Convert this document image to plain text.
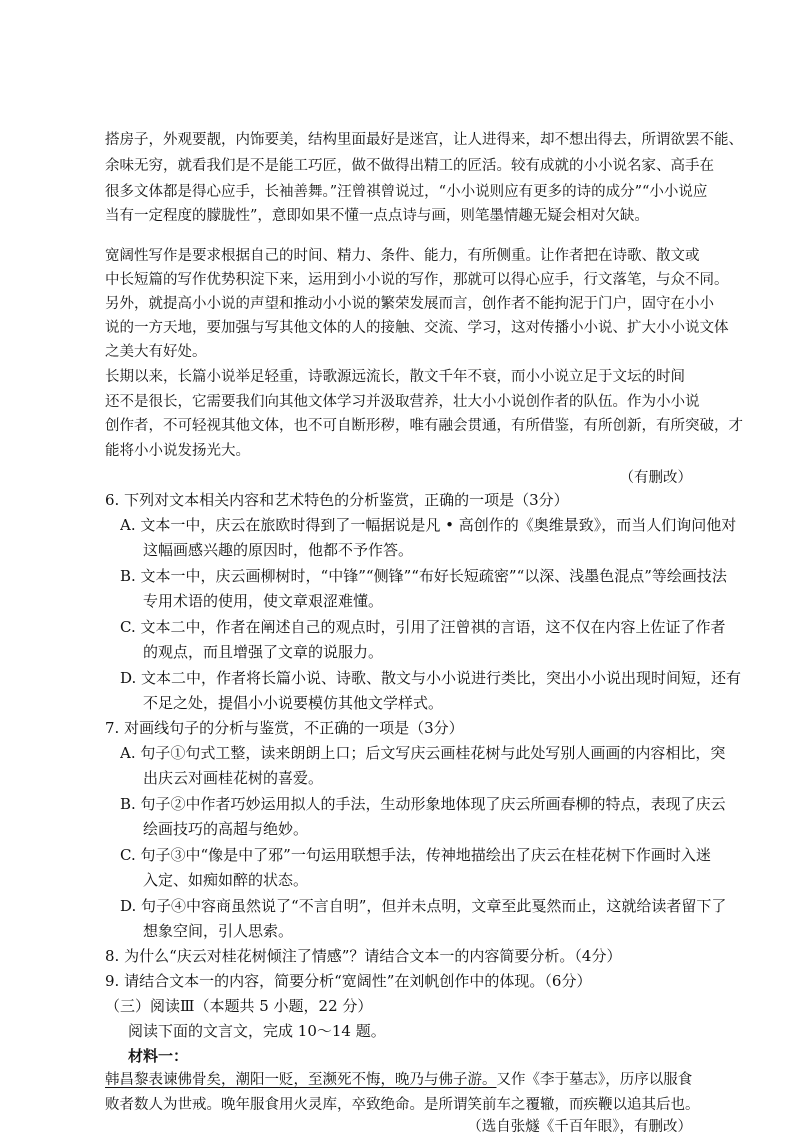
搭房子，外观要靓，内饰要美，结构里面最好是迷宫，让人进得来，却不想出得去，所谓欲罢不能、
余味无穷，就看我们是不是能工巧匠，做不做得出精工的匠活。较有成就的小小说名家、高手在
很多文体都是得心应手，长袖善舞。”汪曾祺曾说过，“小小说则应有更多的诗的成分”“小小说应
当有一定程度的朦胧性”，意即如果不懂一点点诗与画，则笔墨情趣无疑会相对欠缺。
宽阔性写作是要求根据自己的时间、精力、条件、能力，有所侧重。让作者把在诗歌、散文或
中长短篇的写作优势积淀下来，运用到小小说的写作，那就可以得心应手，行文落笔，与众不同。
另外，就提高小小说的声望和推动小小说的繁荣发展而言，创作者不能拘泥于门户，固守在小小
说的一方天地，要加强与写其他文体的人的接触、交流、学习，这对传播小小说、扩大小小说文体
之美大有好处。
长期以来，长篇小说举足轻重，诗歌源远流长，散文千年不衰，而小小说立足于文坛的时间
还不是很长，它需要我们向其他文体学习并汲取营养，壮大小小说创作者的队伍。作为小小说
创作者，不可轻视其他文体，也不可自断形秽，唯有融会贯通，有所借鉴，有所创新，有所突破，才
能将小小说发扬光大。
（有删改）
6. 下列对文本相关内容和艺术特色的分析鉴赏，正确的一项是（3分）
A. 文本一中，庆云在旅欧时得到了一幅据说是凡 • 高创作的《奥维景致》，而当人们询问他对
这幅画感兴趣的原因时，他都不予作答。
B. 文本一中，庆云画柳树时，“中锋”“侧锋”“布好长短疏密”“以深、浅墨色混点”等绘画技法
专用术语的使用，使文章艰涩难懂。
C. 文本二中，作者在阐述自己的观点时，引用了汪曾祺的言语，这不仅在内容上佐证了作者
的观点，而且增强了文章的说服力。
D. 文本二中，作者将长篇小说、诗歌、散文与小小说进行类比，突出小小说出现时间短，还有
不足之处，提倡小小说要模仿其他文学样式。
7. 对画线句子的分析与鉴赏，不正确的一项是（3分）
A. 句子①句式工整，读来朗朗上口；后文写庆云画桂花树与此处写别人画画的内容相比，突
出庆云对画桂花树的喜爱。
B. 句子②中作者巧妙运用拟人的手法，生动形象地体现了庆云所画春柳的特点，表现了庆云
绘画技巧的高超与绝妙。
C. 句子③中“像是中了邪”一句运用联想手法，传神地描绘出了庆云在桂花树下作画时入迷
入定、如痴如醉的状态。
D. 句子④中容商虽然说了“不言自明”，但并未点明，文章至此戛然而止，这就给读者留下了
想象空间，引人思索。
8. 为什么“庆云对桂花树倾注了情感”？请结合文本一的内容简要分析。（4分）
9. 请结合文本一的内容，简要分析“宽阔性”在刘帆创作中的体现。（6分）
（三）阅读Ⅲ（本题共 5 小题，22 分）
阅读下面的文言文，完成 10～14 题。
材料一：
韩昌黎表谏佛骨矣，潮阳一贬，至濒死不悔，晚乃与佛子游。又作《李于墓志》，历序以服食
败者数人为世戒。晚年服食用火灵库，卒致绝命。是所谓笑前车之覆辙，而疾鞭以追其后也。
（选自张燧《千百年眼》，有删改）
